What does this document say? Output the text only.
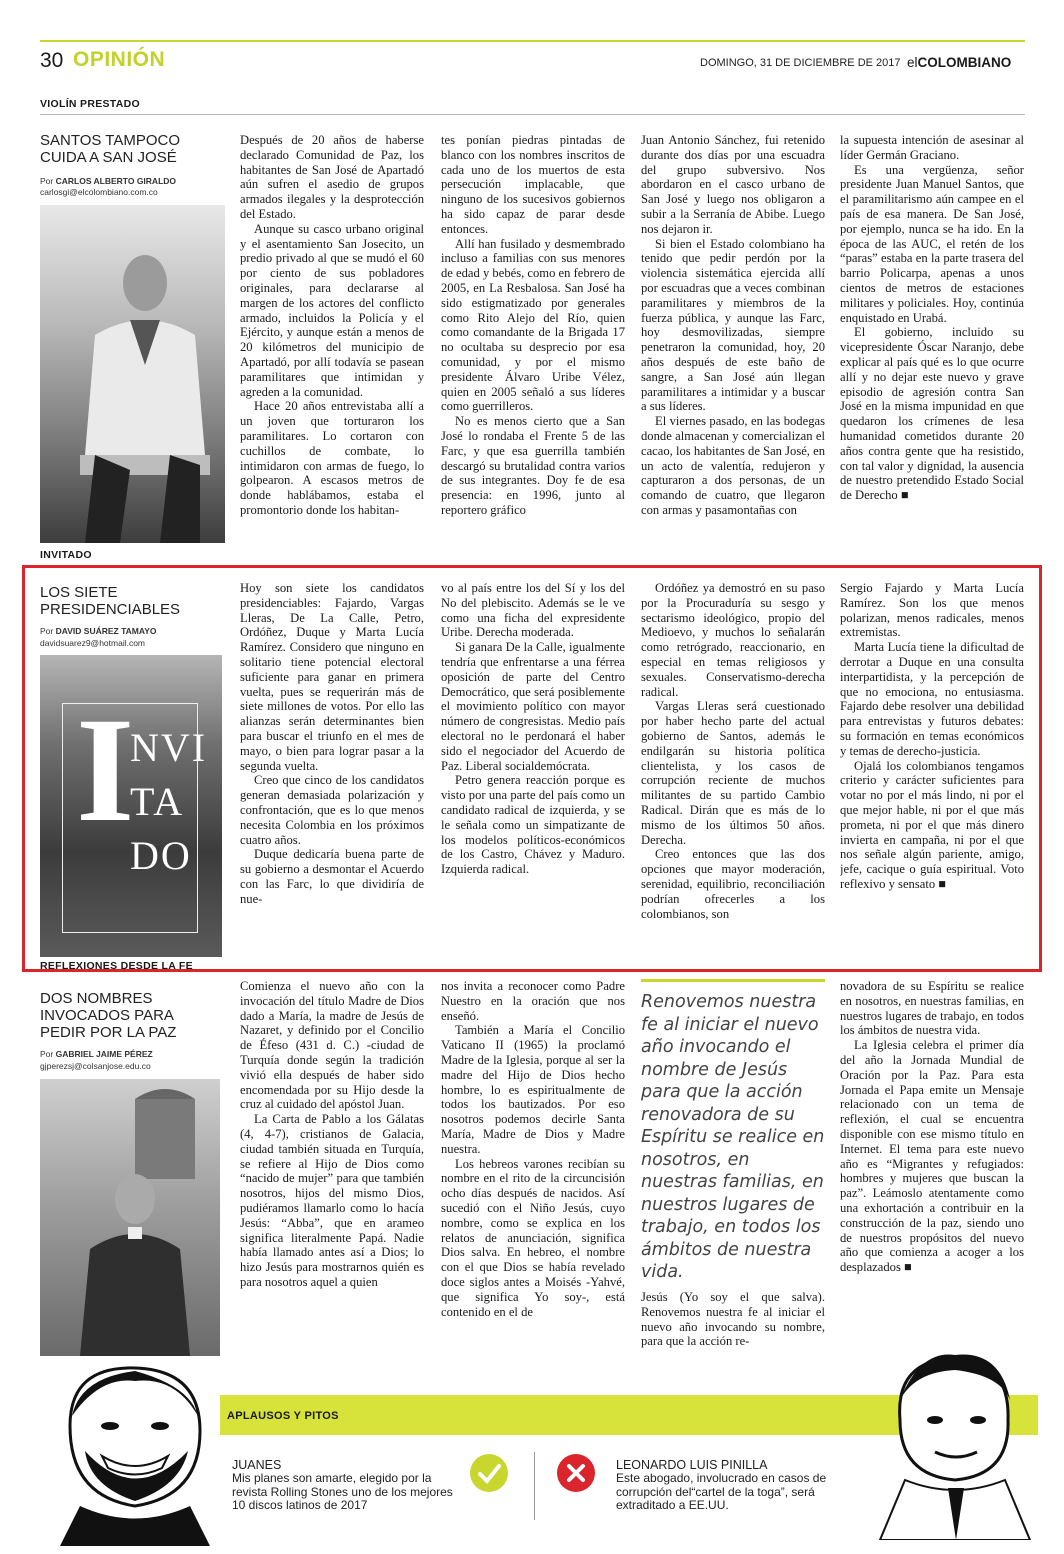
30 OPINIÓN	DOMINGO, 31 DE DICIEMBRE DE 2017 elCOLOMBIANO
VIOLÍN PRESTADO
SANTOS TAMPOCO
CUIDA A SAN JOSÉ
Por CARLOS ALBERTO GIRALDO
carlosgi@elcolombiano.com.co

Después de 20 años de haberse declarado Comunidad de Paz, los habitantes de San José de Apartadó aún sufren el asedio de grupos armados ilegales y la desprotección del Estado.

Aunque su casco urbano original y el asentamiento San Josecito, un predio privado al que se mudó el 60 por ciento de sus pobladores originales, para declararse al margen de los actores del conflicto armado, incluidos la Policía y el Ejército, y aunque están a menos de 20 kilómetros del municipio de Apartadó, por allí todavía se pasean paramilitares que intimidan y agreden a la comunidad.

Hace 20 años entrevistaba allí a un joven que torturaron los paramilitares. Lo cortaron con cuchillos de combate, lo intimidaron con armas de fuego, lo golpearon. A escasos metros de donde hablábamos, estaba el promontorio donde los habitan-

tes ponían piedras pintadas de blanco con los nombres inscritos de cada uno de los muertos de esta persecución implacable, que ninguno de los sucesivos gobiernos ha sido capaz de parar desde entonces.

Allí han fusilado y desmembrado incluso a familias con sus menores de edad y bebés, como en febrero de 2005, en La Resbalosa. San José ha sido estigmatizado por generales como Rito Alejo del Río, quien como comandante de la Brigada 17 no ocultaba su desprecio por esa comunidad, y por el mismo presidente Álvaro Uribe Vélez, quien en 2005 señaló a sus líderes como guerrilleros.

No es menos cierto que a San José lo rondaba el Frente 5 de las Farc, y que esa guerrilla también descargó su brutalidad contra varios de sus integrantes. Doy fe de esa presencia: en 1996, junto al reportero gráfico

Juan Antonio Sánchez, fui retenido durante dos días por una escuadra del grupo subversivo. Nos abordaron en el casco urbano de San José y luego nos obligaron a subir a la Serranía de Abibe. Luego nos dejaron ir.

Si bien el Estado colombiano ha tenido que pedir perdón por la violencia sistemática ejercida allí por escuadras que a veces combinan paramilitares y miembros de la fuerza pública, y aunque las Farc, hoy desmovilizadas, siempre penetraron la comunidad, hoy, 20 años después de este baño de sangre, a San José aún llegan paramilitares a intimidar y a buscar a sus líderes.

El viernes pasado, en las bodegas donde almacenan y comercializan el cacao, los habitantes de San José, en un acto de valentía, redujeron y capturaron a dos personas, de un comando de cuatro, que llegaron con armas y pasamontañas con

la supuesta intención de asesinar al líder Germán Graciano.

Es una vergüenza, señor presidente Juan Manuel Santos, que el paramilitarismo aún campee en el país de esa manera. De San José, por ejemplo, nunca se ha ido. En la época de las AUC, el retén de los “paras” estaba en la parte trasera del barrio Policarpa, apenas a unos cientos de metros de estaciones militares y policiales. Hoy, continúa enquistado en Urabá.

El gobierno, incluido su vicepresidente Óscar Naranjo, debe explicar al país qué es lo que ocurre allí y no dejar este nuevo y grave episodio de agresión contra San José en la misma impunidad en que quedaron los crímenes de lesa humanidad cometidos durante 20 años contra gente que ha resistido, con tal valor y dignidad, la ausencia de nuestro pretendido Estado Social de Derecho ■

INVITADO
LOS SIETE
PRESIDENCIABLES
Por DAVID SUÁREZ TAMAYO
davidsuarez9@hotmail.com
I
NVI
TA
DO

Hoy son siete los candidatos presidenciables: Fajardo, Vargas Lleras, De La Calle, Petro, Ordóñez, Duque y Marta Lucía Ramírez. Considero que ninguno en solitario tiene potencial electoral suficiente para ganar en primera vuelta, pues se requerirán más de siete millones de votos. Por ello las alianzas serán determinantes bien para buscar el triunfo en el mes de mayo, o bien para lograr pasar a la segunda vuelta.

Creo que cinco de los candidatos generan demasiada polarización y confrontación, que es lo que menos necesita Colombia en los próximos cuatro años.

Duque dedicaría buena parte de su gobierno a desmontar el Acuerdo con las Farc, lo que dividiría de nue-

vo al país entre los del Sí y los del No del plebiscito. Además se le ve como una ficha del expresidente Uribe. Derecha moderada.

Si ganara De la Calle, igualmente tendría que enfrentarse a una férrea oposición de parte del Centro Democrático, que será posiblemente el movimiento político con mayor número de congresistas. Medio país electoral no le perdonará el haber sido el negociador del Acuerdo de Paz. Liberal socialdemócrata.

Petro genera reacción porque es visto por una parte del país como un candidato radical de izquierda, y se le señala como un simpatizante de los modelos políticos-económicos de los Castro, Chávez y Maduro. Izquierda radical.

Ordóñez ya demostró en su paso por la Procuraduría su sesgo y sectarismo ideológico, propio del Medioevo, y muchos lo señalarán como retrógrado, reaccionario, en especial en temas religiosos y sexuales. Conservatismo-derecha radical.

Vargas Lleras será cuestionado por haber hecho parte del actual gobierno de Santos, además le endilgarán su historia política clientelista, y los casos de corrupción reciente de muchos militantes de su partido Cambio Radical. Dirán que es más de lo mismo de los últimos 50 años. Derecha.

Creo entonces que las dos opciones que mayor moderación, serenidad, equilibrio, reconciliación podrían ofrecerles a los colombianos, son

Sergio Fajardo y Marta Lucía Ramírez. Son los que menos polarizan, menos radicales, menos extremistas.

Marta Lucía tiene la dificultad de derrotar a Duque en una consulta interpartidista, y la percepción de que no emociona, no entusiasma. Fajardo debe resolver una debilidad para entrevistas y futuros debates: su formación en temas económicos y temas de derecho-justicia.

Ojalá los colombianos tengamos criterio y carácter suficientes para votar no por el más lindo, ni por el que mejor hable, ni por el que más prometa, ni por el que más dinero invierta en campaña, ni por el que nos señale algún pariente, amigo, jefe, cacique o guía espiritual. Voto reflexivo y sensato ■

REFLEXIONES DESDE LA FE
DOS NOMBRES
INVOCADOS PARA
PEDIR POR LA PAZ
Por GABRIEL JAIME PÉREZ
gjperezsj@colsanjose.edu.co

Comienza el nuevo año con la invocación del título Madre de Dios dado a María, la madre de Jesús de Nazaret, y definido por el Concilio de Éfeso (431 d. C.) -ciudad de Turquía donde según la tradición vivió ella después de haber sido encomendada por su Hijo desde la cruz al cuidado del apóstol Juan.

La Carta de Pablo a los Gálatas (4, 4-7), cristianos de Galacia, ciudad también situada en Turquía, se refiere al Hijo de Dios como “nacido de mujer” para que también nosotros, hijos del mismo Dios, pudiéramos llamarlo como lo hacía Jesús: “Abba”, que en arameo significa literalmente Papá. Nadie había llamado antes así a Dios; lo hizo Jesús para mostrarnos quién es para nosotros aquel a quien

nos invita a reconocer como Padre Nuestro en la oración que nos enseñó.

También a María el Concilio Vaticano II (1965) la proclamó Madre de la Iglesia, porque al ser la madre del Hijo de Dios hecho hombre, lo es espiritualmente de todos los bautizados. Por eso nosotros podemos decirle Santa María, Madre de Dios y Madre nuestra.

Los hebreos varones recibían su nombre en el rito de la circuncisión ocho días después de nacidos. Así sucedió con el Niño Jesús, cuyo nombre, como se explica en los relatos de anunciación, significa Dios salva. En hebreo, el nombre con el que Dios se había revelado doce siglos antes a Moisés -Yahvé, que significa Yo soy-, está contenido en el de

Renovemos nuestra fe al iniciar el nuevo año invocando el nombre de Jesús para que la acción renovadora de su Espíritu se realice en nosotros, en nuestras familias, en nuestros lugares de trabajo, en todos los ámbitos de nuestra vida.

Jesús (Yo soy el que salva). Renovemos nuestra fe al iniciar el nuevo año invocando su nombre, para que la acción re-

novadora de su Espíritu se realice en nosotros, en nuestras familias, en nuestros lugares de trabajo, en todos los ámbitos de nuestra vida.

La Iglesia celebra el primer día del año la Jornada Mundial de Oración por la Paz. Para esta Jornada el Papa emite un Mensaje relacionado con un tema de reflexión, el cual se encuentra disponible con ese mismo título en Internet. El tema para este nuevo año es “Migrantes y refugiados: hombres y mujeres que buscan la paz”. Leámoslo atentamente como una exhortación a contribuir en la construcción de la paz, siendo uno de nuestros propósitos del nuevo año que comienza a acoger a los desplazados ■

APLAUSOS Y PITOS
JUANES
Mis planes son amarte, elegido por la revista Rolling Stones uno de los mejores 10 discos latinos de 2017
LEONARDO LUIS PINILLA
Este abogado, involucrado en casos de corrupción del“cartel de la toga”, será extraditado a EE.UU.
